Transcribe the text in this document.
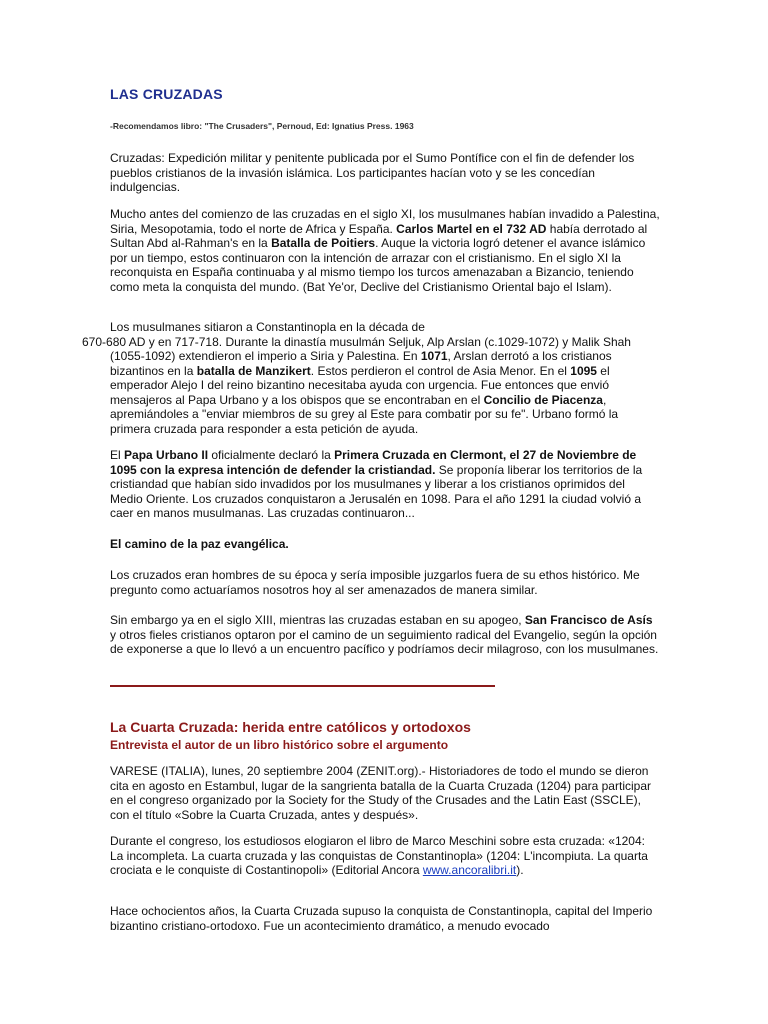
LAS CRUZADAS
-Recomendamos libro: "The Crusaders", Pernoud, Ed: Ignatius Press. 1963

Cruzadas: Expedición militar y penitente publicada por el Sumo Pontífice con el fin de defender los pueblos cristianos de la invasión islámica. Los participantes hacían voto y se les concedían indulgencias.

Mucho antes del comienzo de las cruzadas en el siglo XI, los musulmanes habían invadido a Palestina, Siria, Mesopotamia, todo el norte de Africa y España. Carlos Martel en el 732 AD había derrotado al Sultan Abd al-Rahman's en la Batalla de Poitiers. Auque la victoria logró detener el avance islámico por un tiempo, estos continuaron con la intención de arrazar con el cristianismo. En el siglo XI la reconquista en España continuaba y al mismo tiempo los turcos amenazaban a Bizancio, teniendo como meta la conquista del mundo. (Bat Ye'or, Declive del Cristianismo Oriental bajo el Islam).

Los musulmanes sitiaron a Constantinopla en la década de
670-680 AD y en 717-718. Durante la dinastía musulmán Seljuk, Alp Arslan (c.1029-1072) y Malik Shah (1055-1092) extendieron el imperio a Siria y Palestina. En 1071, Arslan derrotó a los cristianos bizantinos en la batalla de Manzikert. Estos perdieron el control de Asia Menor. En el 1095 el emperador Alejo I del reino bizantino necesitaba ayuda con urgencia. Fue entonces que envió mensajeros al Papa Urbano y a los obispos que se encontraban en el Concilio de Piacenza, apremiándoles a "enviar miembros de su grey al Este para combatir por su fe". Urbano formó la primera cruzada para responder a esta petición de ayuda.

El Papa Urbano II oficialmente declaró la Primera Cruzada en Clermont, el 27 de Noviembre de 1095 con la expresa intención de defender la cristiandad. Se proponía liberar los territorios de la cristiandad que habían sido invadidos por los musulmanes y liberar a los cristianos oprimidos del Medio Oriente. Los cruzados conquistaron a Jerusalén en 1098. Para el año 1291 la ciudad volvió a caer en manos musulmanas. Las cruzadas continuaron...

El camino de la paz evangélica.

Los cruzados eran hombres de su época y sería imposible juzgarlos fuera de su ethos histórico. Me pregunto como actuaríamos nosotros hoy al ser amenazados de manera similar.

Sin embargo ya en el siglo XIII, mientras las cruzadas estaban en su apogeo, San Francisco de Asís y otros fieles cristianos optaron por el camino de un seguimiento radical del Evangelio, según la opción de exponerse a que lo llevó a un encuentro pacífico y podríamos decir milagroso, con los musulmanes.

La Cuarta Cruzada: herida entre católicos y ortodoxos
Entrevista el autor de un libro histórico sobre el argumento

VARESE (ITALIA), lunes, 20 septiembre 2004 (ZENIT.org).- Historiadores de todo el mundo se dieron cita en agosto en Estambul, lugar de la sangrienta batalla de la Cuarta Cruzada (1204) para participar en el congreso organizado por la Society for the Study of the Crusades and the Latin East (SSCLE), con el título «Sobre la Cuarta Cruzada, antes y después».

Durante el congreso, los estudiosos elogiaron el libro de Marco Meschini sobre esta cruzada: «1204: La incompleta. La cuarta cruzada y las conquistas de Constantinopla» (1204: L'incompiuta. La quarta crociata e le conquiste di Costantinopoli» (Editorial Ancora www.ancoralibri.it).

Hace ochocientos años, la Cuarta Cruzada supuso la conquista de Constantinopla, capital del Imperio bizantino cristiano-ortodoxo. Fue un acontecimiento dramático, a menudo evocado
